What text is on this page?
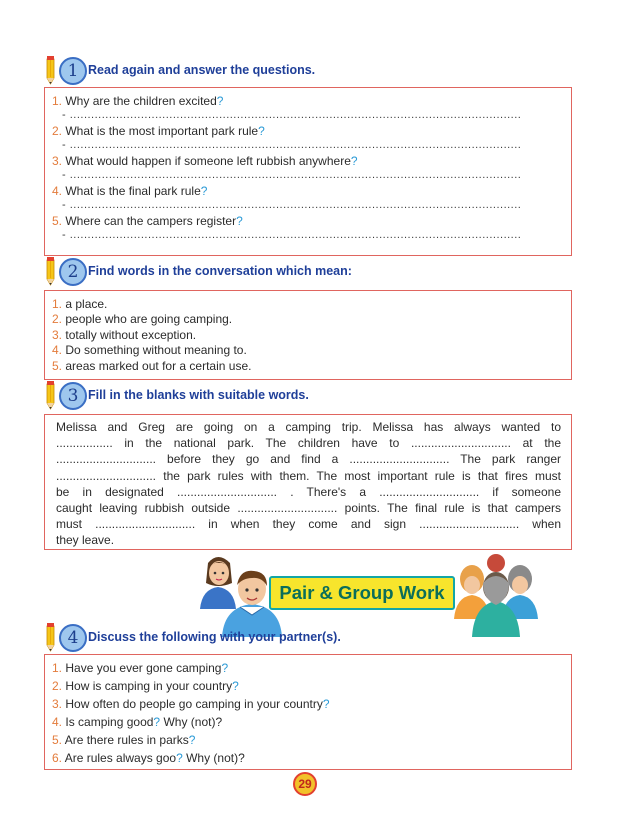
1 Read again and answer the questions.
1. Why are the children excited?
- ...............................................................................................................................
2. What is the most important park rule?
- ...............................................................................................................................
3. What would happen if someone left rubbish anywhere?
- ...............................................................................................................................
4. What is the final park rule?
- ...............................................................................................................................
5. Where can the campers register?
- ...............................................................................................................................
2 Find words in the conversation which mean:
1. a place.
2. people who are going camping.
3. totally without exception.
4. Do something without meaning to.
5. areas marked out for a certain use.
3 Fill in the blanks with suitable words.
Melissa and Greg are going on a camping trip. Melissa has always wanted to
................. in the national park. The children have to .............................. at the
.............................. before they go and find a .............................. The park ranger
.............................. the park rules with them. The most important rule is that fires must
be in designated .............................. . There's a .............................. if someone
caught leaving rubbish outside .............................. points. The final rule is that campers
must .............................. in when they come and sign .............................. when
they leave.
Pair & Group Work
4 Discuss the following with your partner(s).
1. Have you ever gone camping?
2. How is camping in your country?
3. How often do people go camping in your country?
4. Is camping good? Why (not)?
5. Are there rules in parks?
6. Are rules always goo? Why (not)?
29
